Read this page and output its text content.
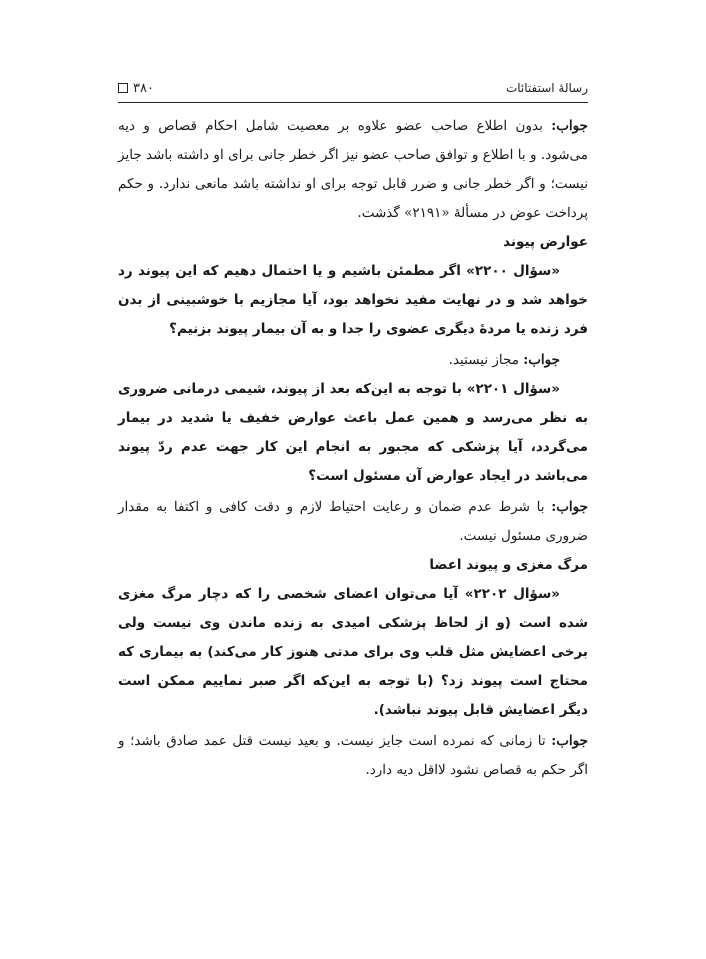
رسالۀ استفتائات
۳۸۰

جواب: بدون اطلاع صاحب عضو علاوه بر معصیت شامل احکام قصاص و دیه می‌شود. و با اطلاع و توافق صاحب عضو نیز اگر خطر جانی برای او داشته باشد جایز نیست؛ و اگر خطر جانی و ضرر قابل توجه برای او نداشته باشد مانعی ندارد. و حکم پرداخت عوض در مسألۀ «۲۱۹۱» گذشت.

عوارض پیوند

«سؤال ۲۲۰۰» اگر مطمئن باشیم و یا احتمال دهیم که این پیوند رد خواهد شد و در نهایت مفید نخواهد بود، آیا مجازیم با خوشبینی از بدن فرد زنده یا مردۀ دیگری عضوی را جدا و به آن بیمار پیوند بزنیم؟

جواب: مجاز نیستید.

«سؤال ۲۲۰۱» با توجه به این‌که بعد از پیوند، شیمی درمانی ضروری به نظر می‌رسد و همین عمل باعث عوارض خفیف یا شدید در بیمار می‌گردد، آیا پزشکی که مجبور به انجام این کار جهت عدم ردّ پیوند می‌باشد در ایجاد عوارض آن مسئول است؟

جواب: با شرط عدم ضمان و رعایت احتیاط لازم و دقت کافی و اکتفا به مقدار ضروری مسئول نیست.

مرگ مغزی و پیوند اعضا

«سؤال ۲۲۰۲» آیا می‌توان اعضای شخصی را که دچار مرگ مغزی شده است (و از لحاظ پزشکی امیدی به زنده ماندن وی نیست ولی برخی اعضایش مثل قلب وی برای مدتی هنوز کار می‌کند) به بیماری که محتاج است پیوند زد؟ (با توجه به این‌که اگر صبر نماییم ممکن است دیگر اعضایش قابل پیوند نباشد).

جواب: تا زمانی که نمرده است جایز نیست. و بعید نیست قتل عمد صادق باشد؛ و اگر حکم به قصاص نشود لااقل دیه دارد.
